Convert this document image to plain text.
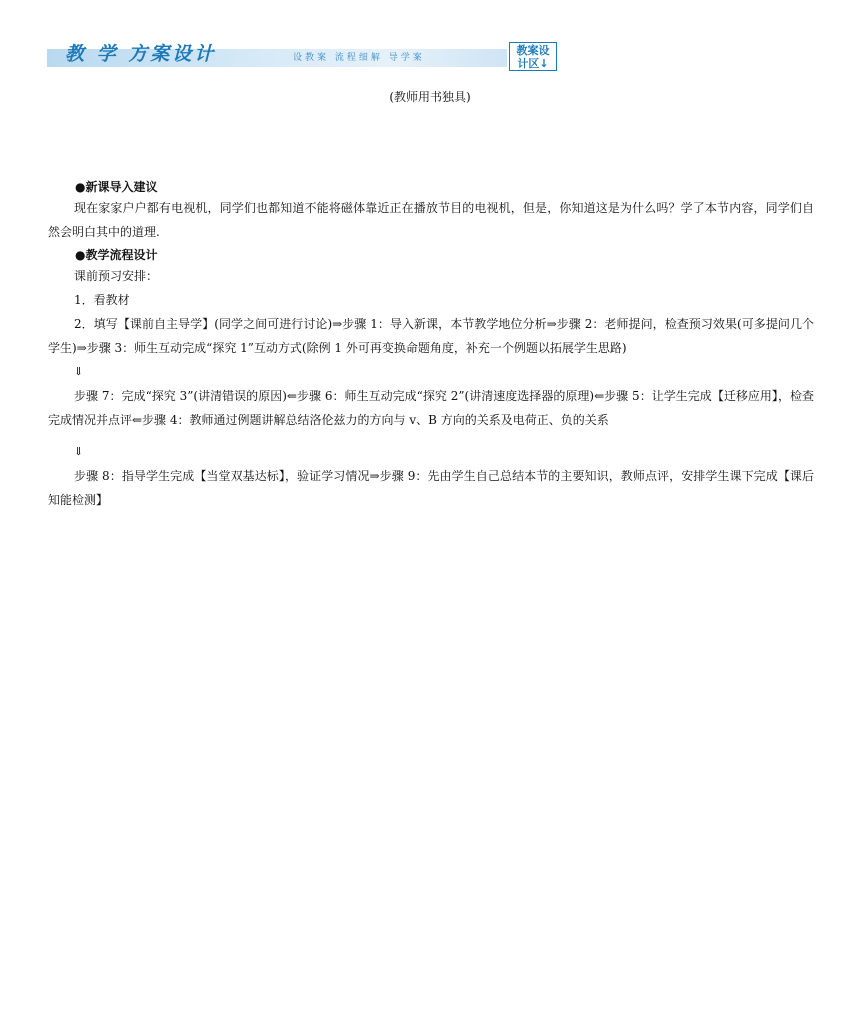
教 学 方案设计	设教案 流程细解 导学案
教案设
计区↓
(教师用书独具)
●新课导入建议

现在家家户户都有电视机，同学们也都知道不能将磁体靠近正在播放节目的电视机，但是，你知道这是为什么吗？学了本节内容，同学们自然会明白其中的道理.

●教学流程设计

课前预习安排：

1．看教材

2．填写【课前自主导学】(同学之间可进行讨论)⇒步骤 1：导入新课，本节教学地位分析⇒步骤 2：老师提问，检查预习效果(可多提问几个学生)⇒步骤 3：师生互动完成“探究 1”互动方式(除例 1 外可再变换命题角度，补充一个例题以拓展学生思路)

⇓

步骤 7：完成“探究 3”(讲清错误的原因)⇐步骤 6：师生互动完成“探究 2”(讲清速度选择器的原理)⇐步骤 5：让学生完成【迁移应用】，检查完成情况并点评⇐步骤 4：教师通过例题讲解总结洛伦兹力的方向与 v、B 方向的关系及电荷正、负的关系

⇓

步骤 8：指导学生完成【当堂双基达标】，验证学习情况⇒步骤 9：先由学生自己总结本节的主要知识，教师点评，安排学生课下完成【课后知能检测】
